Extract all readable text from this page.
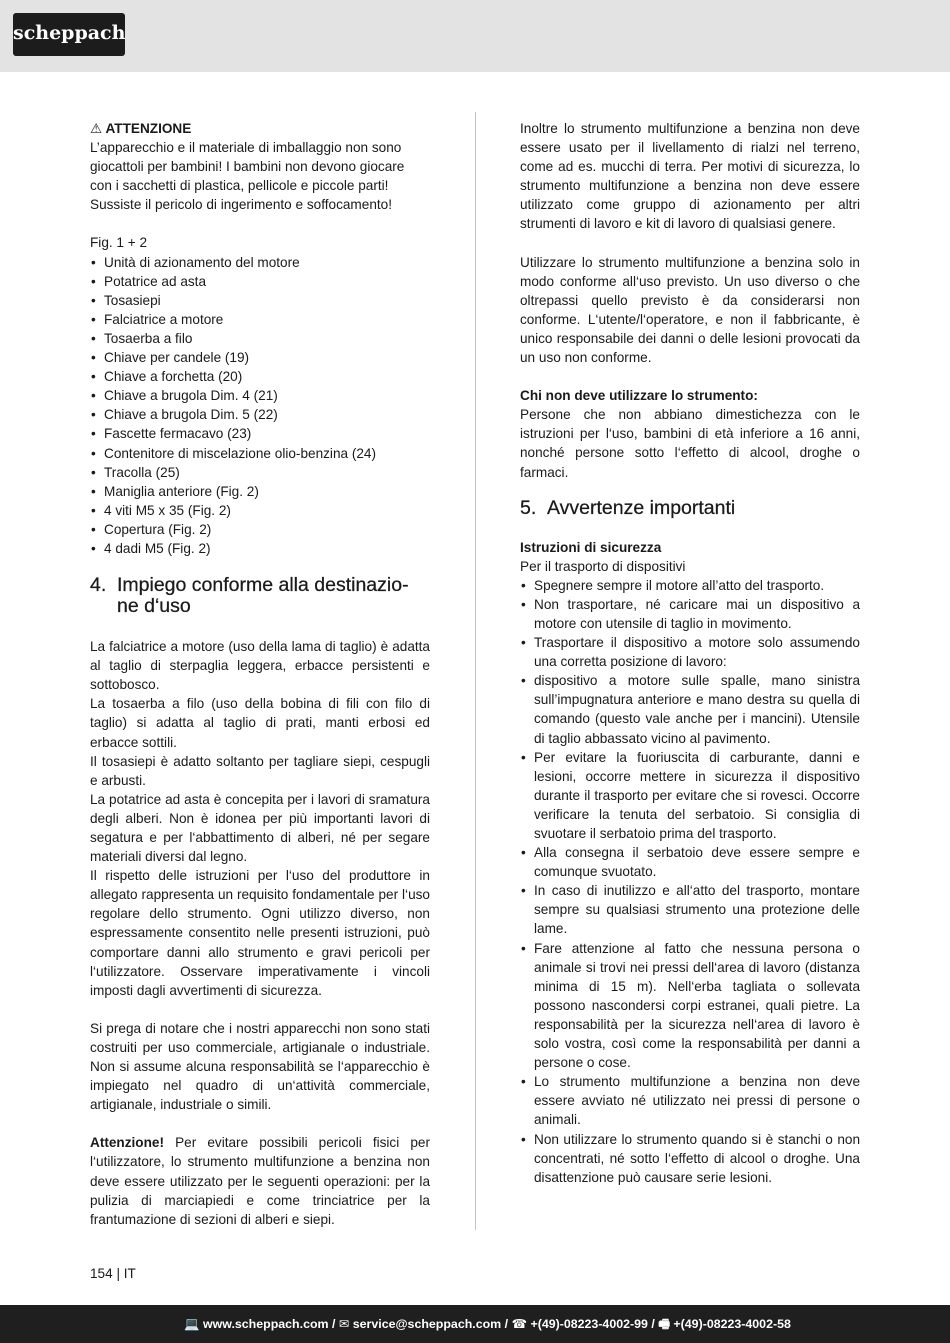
scheppach

⚠ ATTENZIONE

L’apparecchio e il materiale di imballaggio non sono giocattoli per bambini! I bambini non devono giocare con i sacchetti di plastica, pellicole e piccole parti! Sussiste il pericolo di ingerimento e soffocamento!

Fig. 1 + 2

• Unità di azionamento del motore
• Potatrice ad asta
• Tosasiepi
• Falciatrice a motore
• Tosaerba a filo
• Chiave per candele (19)
• Chiave a forchetta (20)
• Chiave a brugola Dim. 4 (21)
• Chiave a brugola Dim. 5 (22)
• Fascette fermacavo (23)
• Contenitore di miscelazione olio-benzina (24)
• Tracolla (25)
• Maniglia anteriore (Fig. 2)
• 4 viti M5 x 35 (Fig. 2)
• Copertura (Fig. 2)
• 4 dadi M5 (Fig. 2)
4. Impiego conforme alla destinazio-
ne d‘uso

La falciatrice a motore (uso della lama di taglio) è adatta al taglio di sterpaglia leggera, erbacce persistenti e sottobosco.

La tosaerba a filo (uso della bobina di fili con filo di taglio) si adatta al taglio di prati, manti erbosi ed erbacce sottili.

Il tosasiepi è adatto soltanto per tagliare siepi, cespugli e arbusti.

La potatrice ad asta è concepita per i lavori di sramatura degli alberi. Non è idonea per più importanti lavori di segatura e per l‘abbattimento di alberi, né per segare materiali diversi dal legno.

Il rispetto delle istruzioni per l‘uso del produttore in allegato rappresenta un requisito fondamentale per l‘uso regolare dello strumento. Ogni utilizzo diverso, non espressamente consentito nelle presenti istruzioni, può comportare danni allo strumento e gravi pericoli per l‘utilizzatore. Osservare imperativamente i vincoli imposti dagli avvertimenti di sicurezza.

Si prega di notare che i nostri apparecchi non sono stati costruiti per uso commerciale, artigianale o industriale. Non si assume alcuna responsabilità se l‘apparecchio è impiegato nel quadro di un‘attività commerciale, artigianale, industriale o simili.

Attenzione! Per evitare possibili pericoli fisici per l‘utilizzatore, lo strumento multifunzione a benzina non deve essere utilizzato per le seguenti operazioni: per la pulizia di marciapiedi e come trinciatrice per la frantumazione di sezioni di alberi e siepi.

Inoltre lo strumento multifunzione a benzina non deve essere usato per il livellamento di rialzi nel terreno, come ad es. mucchi di terra. Per motivi di sicurezza, lo strumento multifunzione a benzina non deve essere utilizzato come gruppo di azionamento per altri strumenti di lavoro e kit di lavoro di qualsiasi genere.

Utilizzare lo strumento multifunzione a benzina solo in modo conforme all‘uso previsto. Un uso diverso o che oltrepassi quello previsto è da considerarsi non conforme. L‘utente/l‘operatore, e non il fabbricante, è unico responsabile dei danni o delle lesioni provocati da un uso non conforme.

Chi non deve utilizzare lo strumento:

Persone che non abbiano dimestichezza con le istruzioni per l‘uso, bambini di età inferiore a 16 anni, nonché persone sotto l‘effetto di alcool, droghe o farmaci.

5. Avvertenze importanti

Istruzioni di sicurezza

Per il trasporto di dispositivi

• Spegnere sempre il motore all’atto del trasporto.
• Non trasportare, né caricare mai un dispositivo a motore con utensile di taglio in movimento.
• Trasportare il dispositivo a motore solo assumendo una corretta posizione di lavoro:
• dispositivo a motore sulle spalle, mano sinistra sull’impugnatura anteriore e mano destra su quella di comando (questo vale anche per i mancini). Utensile di taglio abbassato vicino al pavimento.
• Per evitare la fuoriuscita di carburante, danni e lesioni, occorre mettere in sicurezza il dispositivo durante il trasporto per evitare che si rovesci. Occorre verificare la tenuta del serbatoio. Si consiglia di svuotare il serbatoio prima del trasporto.
• Alla consegna il serbatoio deve essere sempre e comunque svuotato.
• In caso di inutilizzo e all‘atto del trasporto, montare sempre su qualsiasi strumento una protezione delle lame.
• Fare attenzione al fatto che nessuna persona o animale si trovi nei pressi dell‘area di lavoro (distanza minima di 15 m). Nell‘erba tagliata o sollevata possono nascondersi corpi estranei, quali pietre. La responsabilità per la sicurezza nell‘area di lavoro è solo vostra, così come la responsabilità per danni a persone o cose.
• Lo strumento multifunzione a benzina non deve essere avviato né utilizzato nei pressi di persone o animali.
• Non utilizzare lo strumento quando si è stanchi o non concentrati, né sotto l‘effetto di alcool o droghe. Una disattenzione può causare serie lesioni.
154 | IT
💻 www.scheppach.com / ✉ service@scheppach.com / ☎ +(49)-08223-4002-99 / 🖷 +(49)-08223-4002-58
